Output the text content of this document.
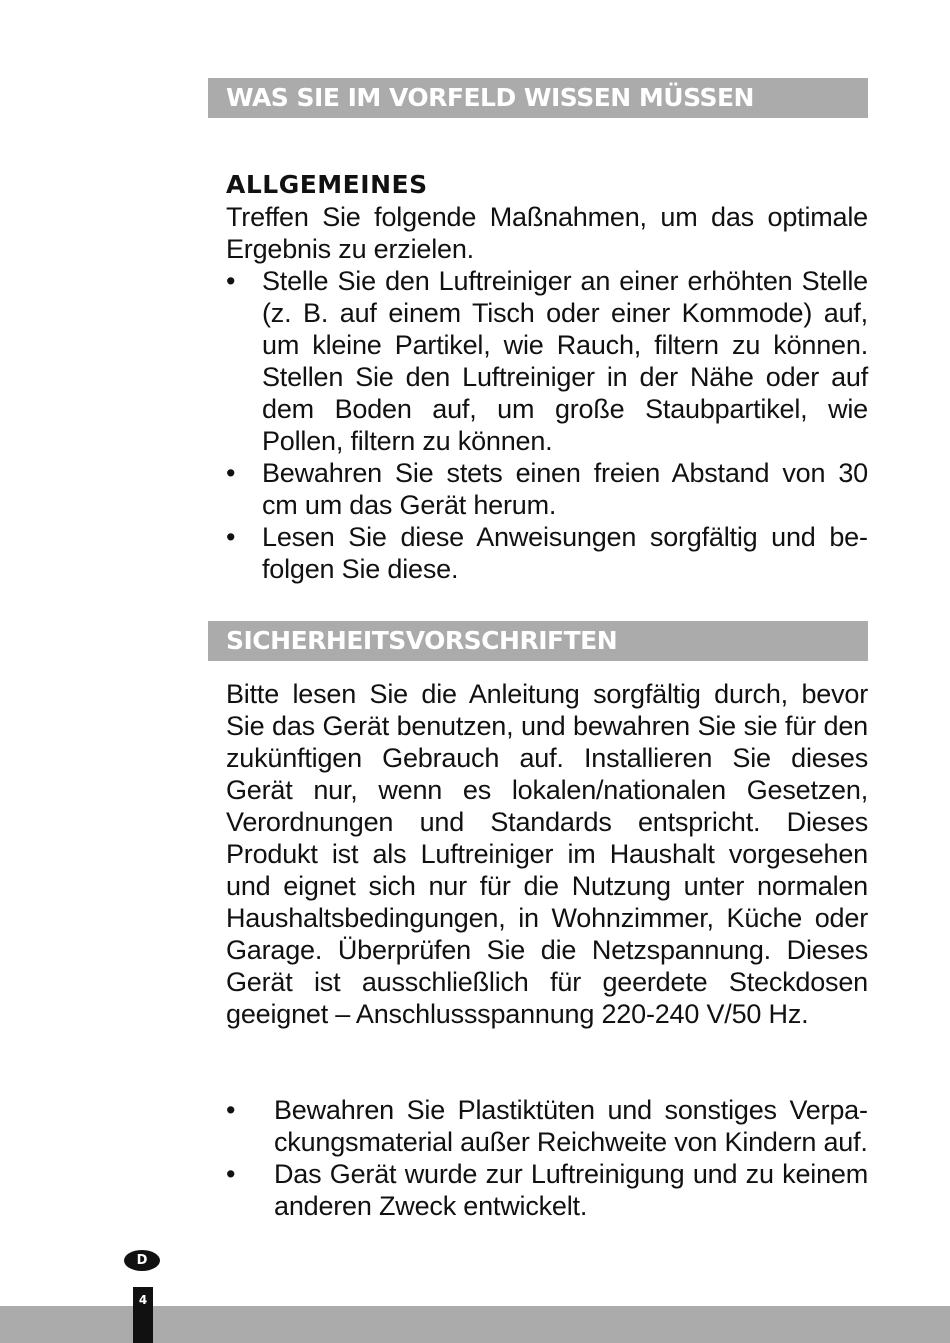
WAS SIE IM VORFELD WISSEN MÜSSEN
ALLGEMEINES
Treffen Sie folgende Maßnahmen, um das optimale Ergebnis zu erzielen.
• Stelle Sie den Luftreiniger an einer erhöhten Stelle (z. B. auf einem Tisch oder einer Kommode) auf, um kleine Partikel, wie Rauch, filtern zu können. Stellen Sie den Luftreiniger in der Nähe oder auf dem Boden auf, um große Staubpartikel, wie Pollen, filtern zu können.
• Bewahren Sie stets einen freien Abstand von 30 cm um das Gerät herum.
• Lesen Sie diese Anweisungen sorgfältig und befolgen Sie diese.
SICHERHEITSVORSCHRIFTEN
Bitte lesen Sie die Anleitung sorgfältig durch, bevor Sie das Gerät benutzen, und bewahren Sie sie für den zukünftigen Gebrauch auf. Installieren Sie dieses Gerät nur, wenn es lokalen/nationalen Gesetzen, Verordnungen und Standards entspricht. Dieses Produkt ist als Luftreiniger im Haushalt vorgesehen und eignet sich nur für die Nutzung unter normalen Haushaltsbedingungen, in Wohnzimmer, Küche oder Garage. Überprüfen Sie die Netzspannung. Dieses Gerät ist ausschließlich für geerdete Steckdosen geeignet – Anschlussspannung 220-​240 V/50 Hz.
• Bewahren Sie Plastiktüten und sonstiges Verpackungsmaterial außer Reichweite von Kindern auf.
• Das Gerät wurde zur Luftreinigung und zu keinem anderen Zweck entwickelt.
D
4
